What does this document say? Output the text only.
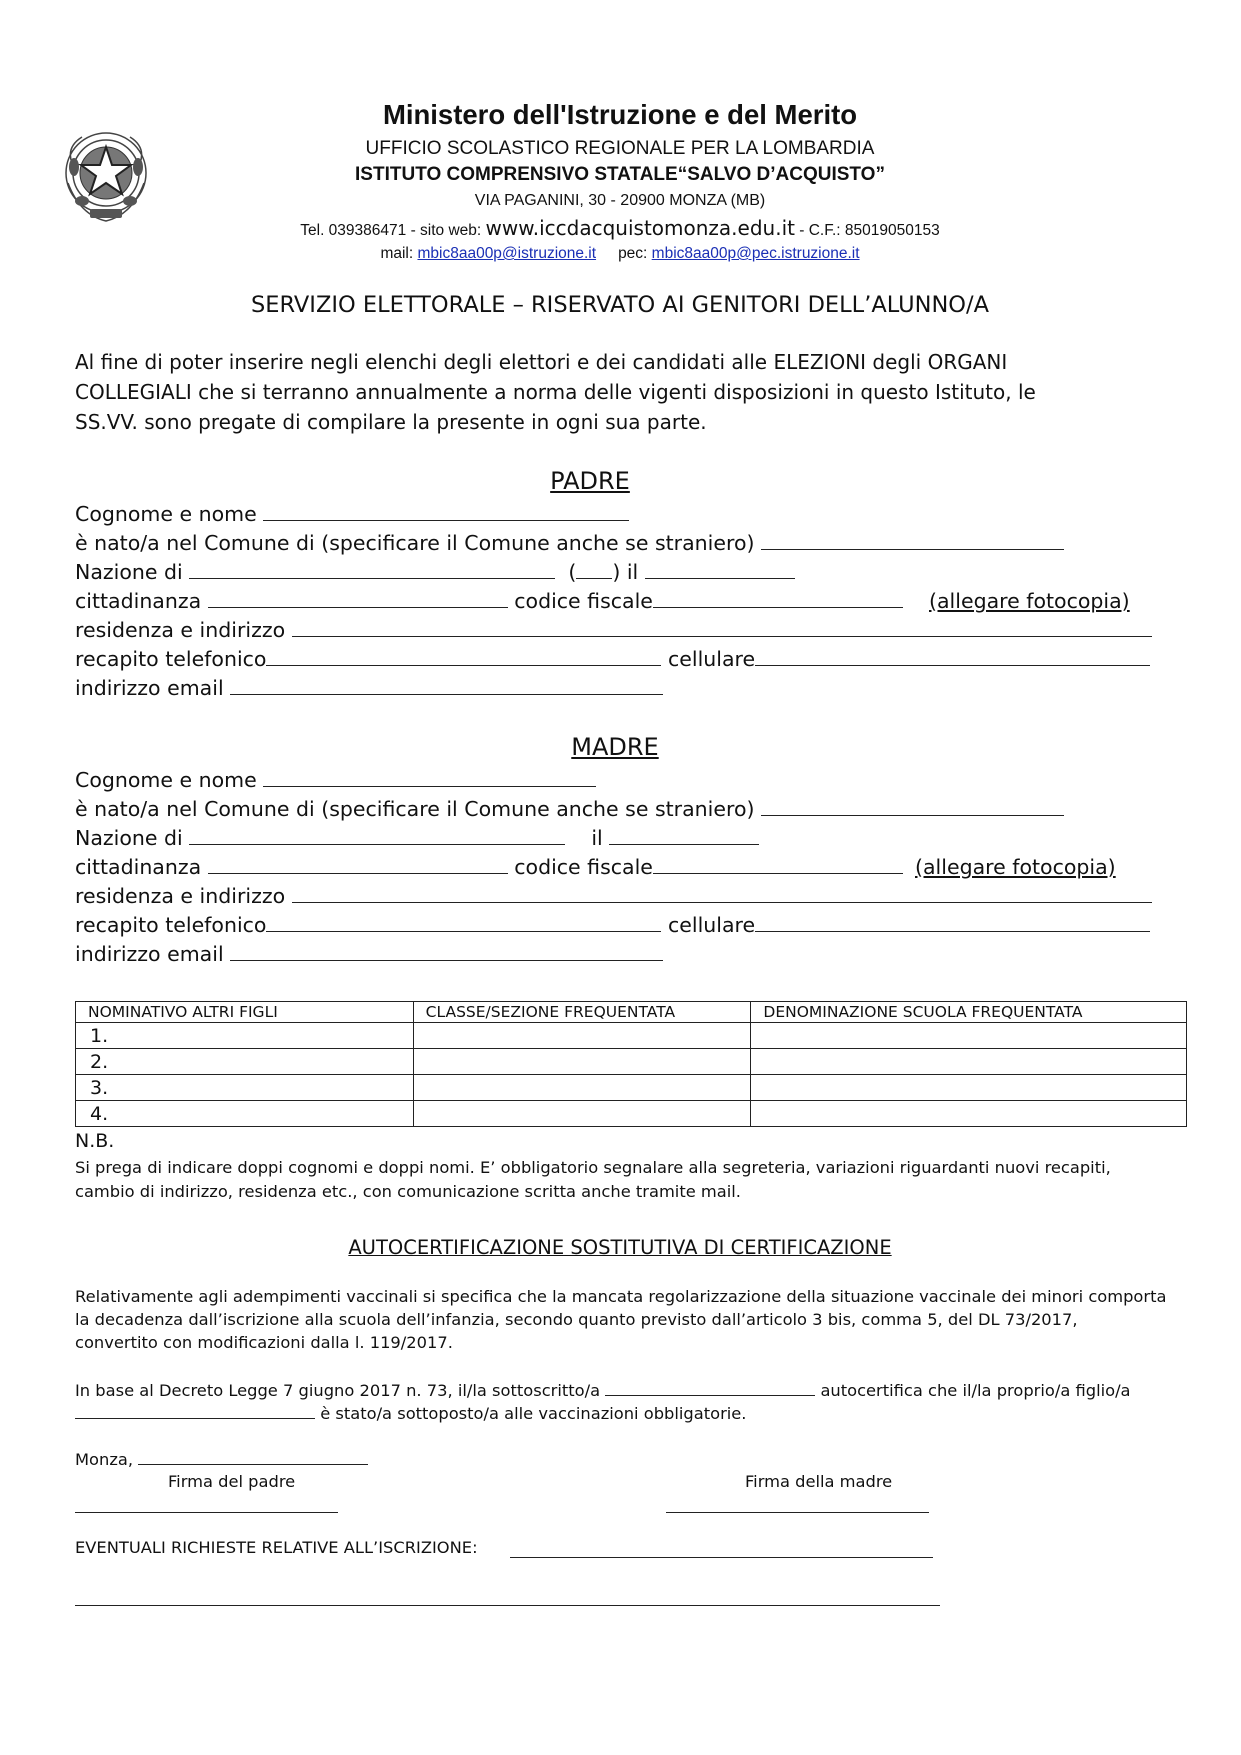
Ministero dell'Istruzione e del Merito
UFFICIO SCOLASTICO REGIONALE PER LA LOMBARDIA
ISTITUTO COMPRENSIVO STATALE“SALVO D’ACQUISTO”
VIA PAGANINI, 30 - 20900 MONZA (MB)
Tel. 039386471 - sito web: www.iccdacquistomonza.edu.it - C.F.: 85019050153
mail: mbic8aa00p@istruzione.it pec: mbic8aa00p@pec.istruzione.it
SERVIZIO ELETTORALE – RISERVATO AI GENITORI DELL’ALUNNO/A
Al fine di poter inserire negli elenchi degli elettori e dei candidati alle ELEZIONI degli ORGANI
COLLEGIALI che si terranno annualmente a norma delle vigenti disposizioni in questo Istituto, le
SS.VV. sono pregate di compilare la presente in ogni sua parte.
PADRE
Cognome e nome
è nato/a nel Comune di (specificare il Comune anche se straniero)
Nazione di	( ) il
cittadinanza	codice fiscale	(allegare fotocopia)
residenza e indirizzo
recapito telefonico	cellulare
indirizzo email
MADRE
Cognome e nome
è nato/a nel Comune di (specificare il Comune anche se straniero)
Nazione di	il
cittadinanza	codice fiscale	(allegare fotocopia)
residenza e indirizzo
recapito telefonico	cellulare
indirizzo email
NOMINATIVO ALTRI FIGLI	CLASSE/SEZIONE FREQUENTATA	DENOMINAZIONE SCUOLA FREQUENTATA
1.		
2.		
3.		
4.		
N.B.
Si prega di indicare doppi cognomi e doppi nomi. E’ obbligatorio segnalare alla segreteria, variazioni riguardanti nuovi recapiti,
cambio di indirizzo, residenza etc., con comunicazione scritta anche tramite mail.
AUTOCERTIFICAZIONE SOSTITUTIVA DI CERTIFICAZIONE
Relativamente agli adempimenti vaccinali si specifica che la mancata regolarizzazione della situazione vaccinale dei minori comporta
la decadenza dall’iscrizione alla scuola dell’infanzia, secondo quanto previsto dall’articolo 3 bis, comma 5, del DL 73/2017,
convertito con modificazioni dalla l. 119/2017.
In base al Decreto Legge 7 giugno 2017 n. 73, il/la sottoscritto/a	autocertifica che il/la proprio/a figlio/a
è stato/a sottoposto/a alle vaccinazioni obbligatorie.
Monza,
Firma del padre	Firma della madre
EVENTUALI RICHIESTE RELATIVE ALL’ISCRIZIONE:
